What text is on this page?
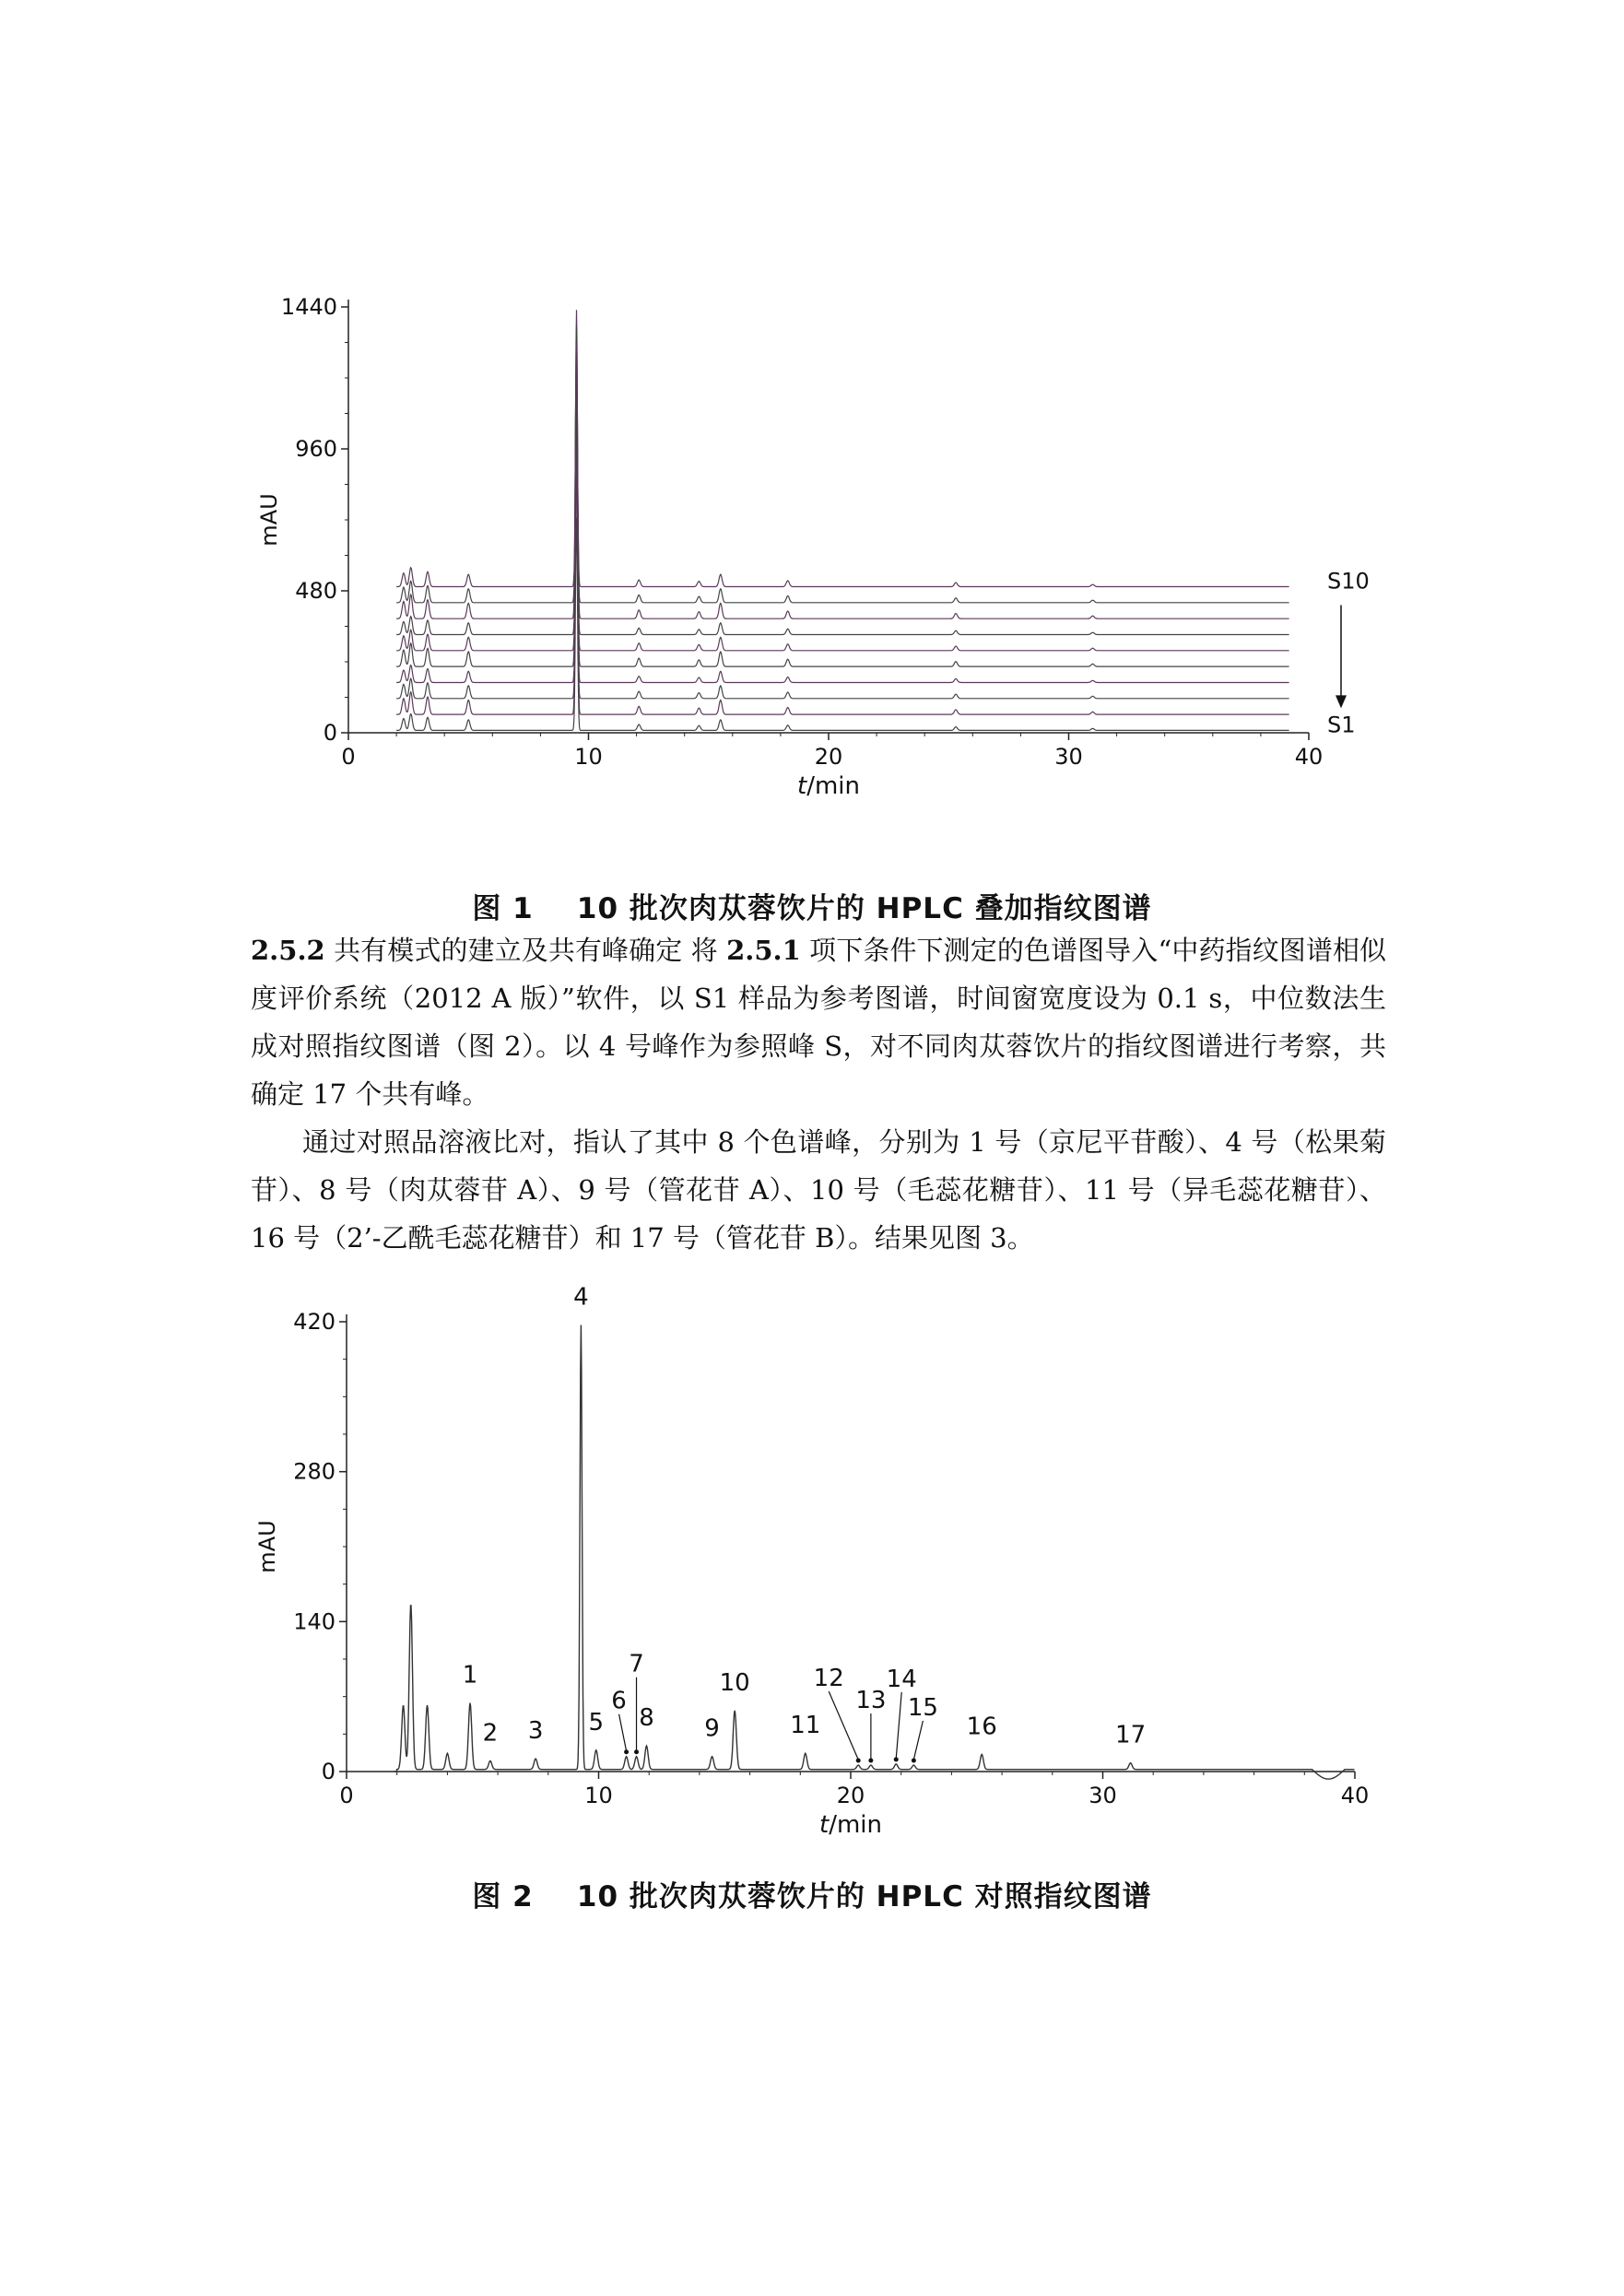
0	10	20	30	40
0
480
960
1440
t/min
mAU
S10
S1
图 1 10 批次肉苁蓉饮片的 HPLC 叠加指纹图谱

2.5.2 共有模式的建立及共有峰确定 将 2.5.1 项下条件下测定的色谱图导入“中药指纹图谱相似度评价系统（2012 A 版）”软件，以 S1 样品为参考图谱，时间窗宽度设为 0.1 s，中位数法生成对照指纹图谱（图 2）。以 4 号峰作为参照峰 S，对不同肉苁蓉饮片的指纹图谱进行考察，共确定 17 个共有峰。

通过对照品溶液比对，指认了其中 8 个色谱峰，分别为 1 号（京尼平苷酸）、4 号（松果菊苷）、8 号（肉苁蓉苷 A）、9 号（管花苷 A）、10 号（毛蕊花糖苷）、11 号（异毛蕊花糖苷）、16 号（2’-乙酰毛蕊花糖苷）和 17 号（管花苷 B）。结果见图 3。

0	10	20	30	40
0
140
280
420
t/min
mAU
1
2 3
4
5
6
7
8 9
10
11
12
13
14
15
16	17
图 2 10 批次肉苁蓉饮片的 HPLC 对照指纹图谱
